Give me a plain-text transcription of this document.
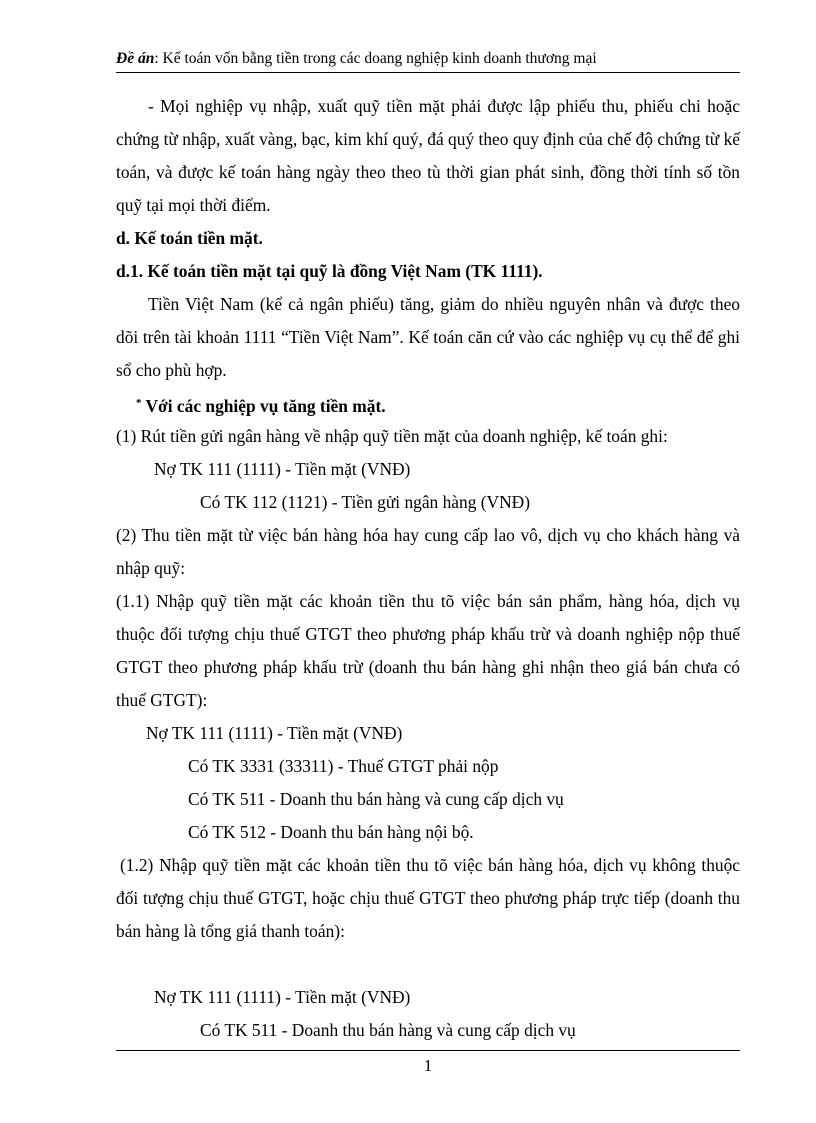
Đề án: Kế toán vốn bằng tiền trong các doang nghiệp kinh doanh thương mại
- Mọi nghiệp vụ nhập, xuất quỹ tiền mặt phải được lập phiếu thu, phiếu chi hoặc chứng từ nhập, xuất vàng, bạc, kim khí quý, đá quý theo quy định của chế độ chứng từ kế toán, và được kế toán hàng ngày theo theo tù thời gian phát sinh, đồng thời tính số tồn quỹ tại mọi thời điểm.
d. Kế toán tiền mặt.
d.1. Kế toán tiền mặt tại quỹ là đồng Việt Nam (TK 1111).
Tiền Việt Nam (kể cả ngân phiếu) tăng, giảm do nhiều nguyên nhân và được theo dõi trên tài khoản 1111 “Tiền Việt Nam”. Kế toán căn cứ vào các nghiệp vụ cụ thể để ghi sổ cho phù hợp.
* Với các nghiệp vụ tăng tiền mặt.
(1) Rút tiền gửi ngân hàng về nhập quỹ tiền mặt của doanh nghiệp, kế toán ghi:
Nợ TK 111 (1111) - Tiền mặt (VNĐ)
Có TK 112 (1121) - Tiền gửi ngân hàng (VNĐ)
(2) Thu tiền mặt từ việc bán hàng hóa hay cung cấp lao vô, dịch vụ cho khách hàng và nhập quỹ:
(1.1) Nhập quỹ tiền mặt các khoản tiền thu tõ việc bán sản phẩm, hàng hóa, dịch vụ thuộc đối tượng chịu thuế GTGT theo phương pháp khấu trừ và doanh nghiệp nộp thuế GTGT theo phương pháp khấu trừ (doanh thu bán hàng ghi nhận theo giá bán chưa có thuế GTGT):
Nợ TK 111 (1111) - Tiền mặt (VNĐ)
Có TK 3331 (33311) - Thuế GTGT phải nộp
Có TK 511 - Doanh thu bán hàng và cung cấp dịch vụ
Có TK 512 - Doanh thu bán hàng nội bộ.
(1.2) Nhập quỹ tiền mặt các khoản tiền thu tõ việc bán hàng hóa, dịch vụ không thuộc đối tượng chịu thuế GTGT, hoặc chịu thuế GTGT theo phương pháp trực tiếp (doanh thu bán hàng là tổng giá thanh toán):
Nợ TK 111 (1111) - Tiền mặt (VNĐ)
Có TK 511 - Doanh thu bán hàng và cung cấp dịch vụ
1
